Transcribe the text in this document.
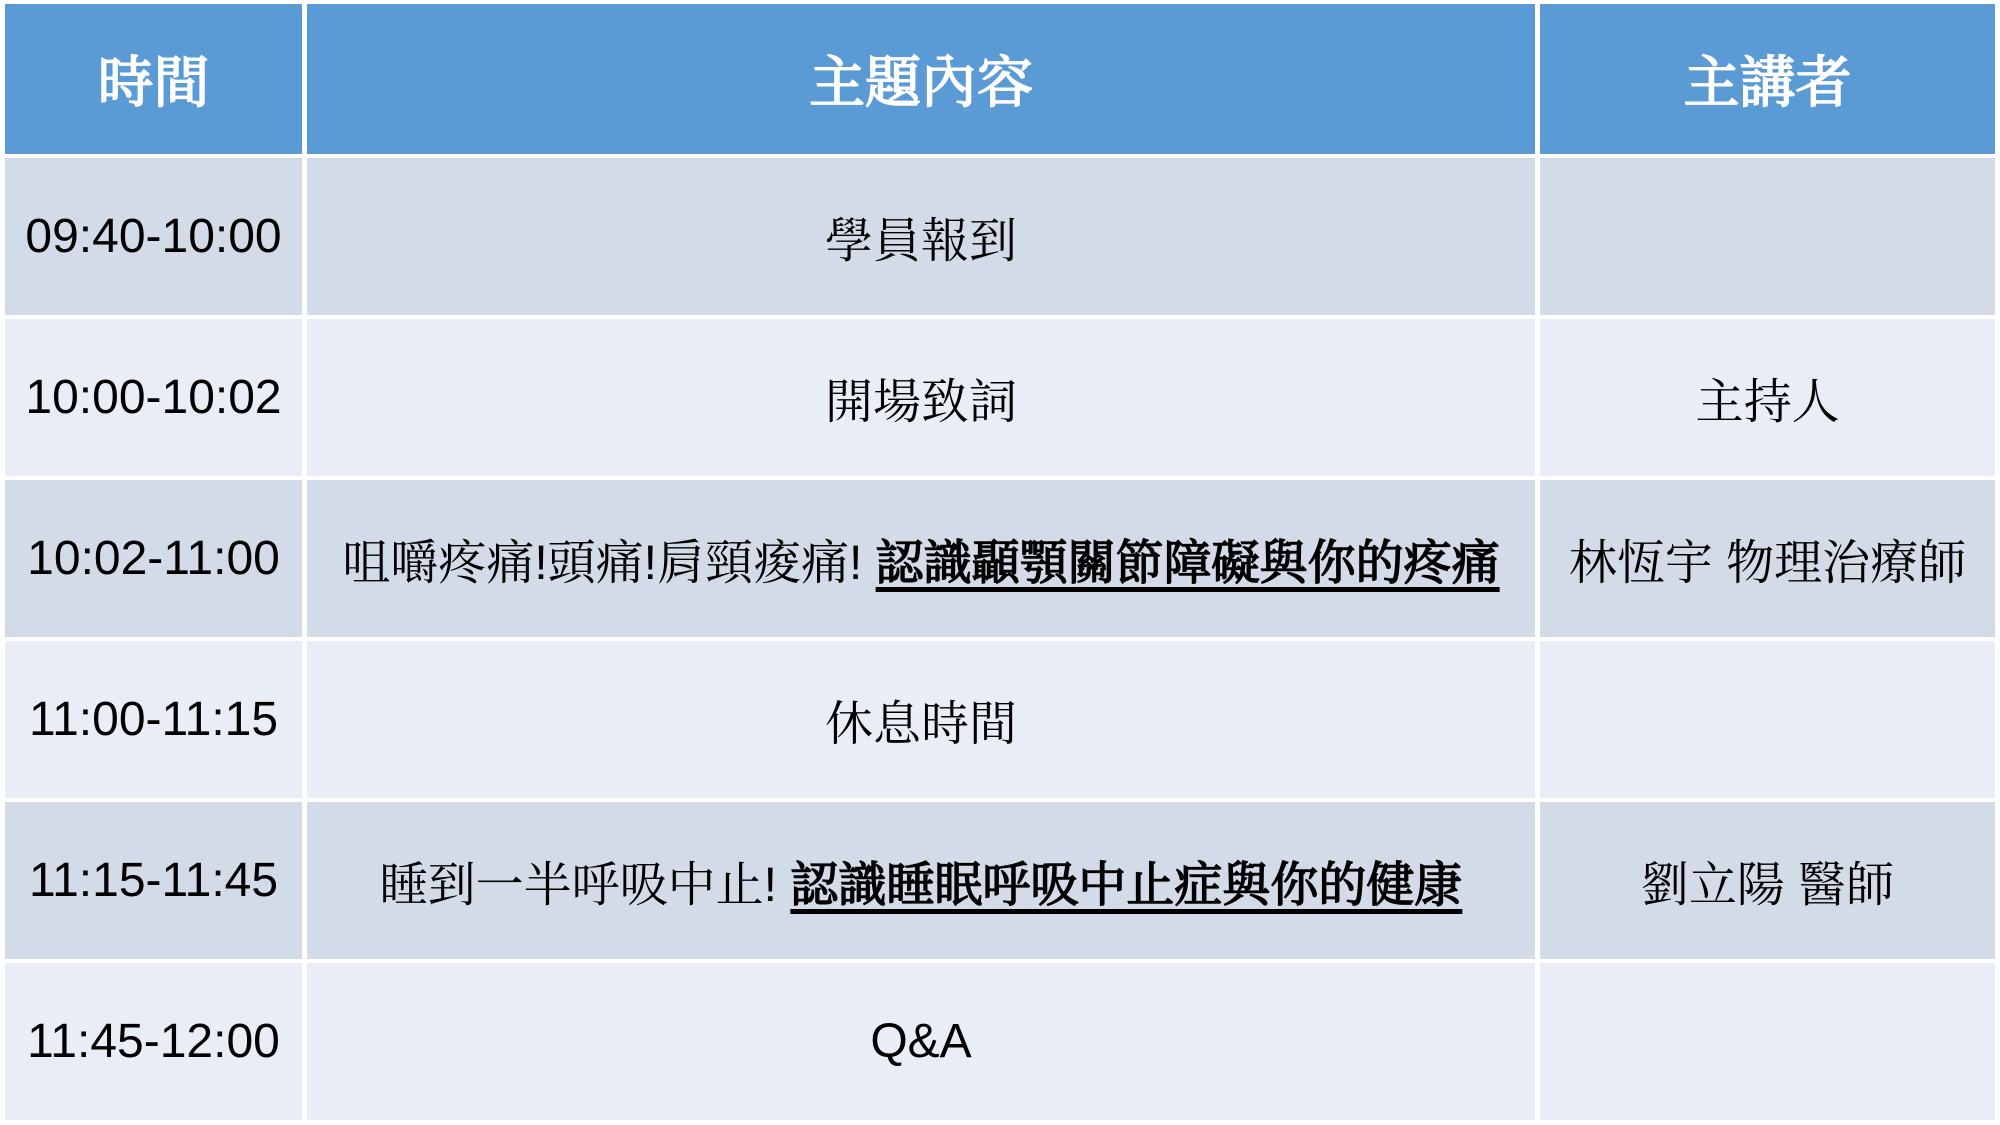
時間	主題內容	主講者
09:40-10:00	學員報到	
10:00-10:02	開場致詞	主持人
10:02-11:00	咀嚼疼痛!頭痛!肩頸痠痛! 認識顳顎關節障礙與你的疼痛	林恆宇 物理治療師
11:00-11:15	休息時間	
11:15-11:45	睡到一半呼吸中止! 認識睡眠呼吸中止症與你的健康	劉立陽 醫師
11:45-12:00	Q&A	
